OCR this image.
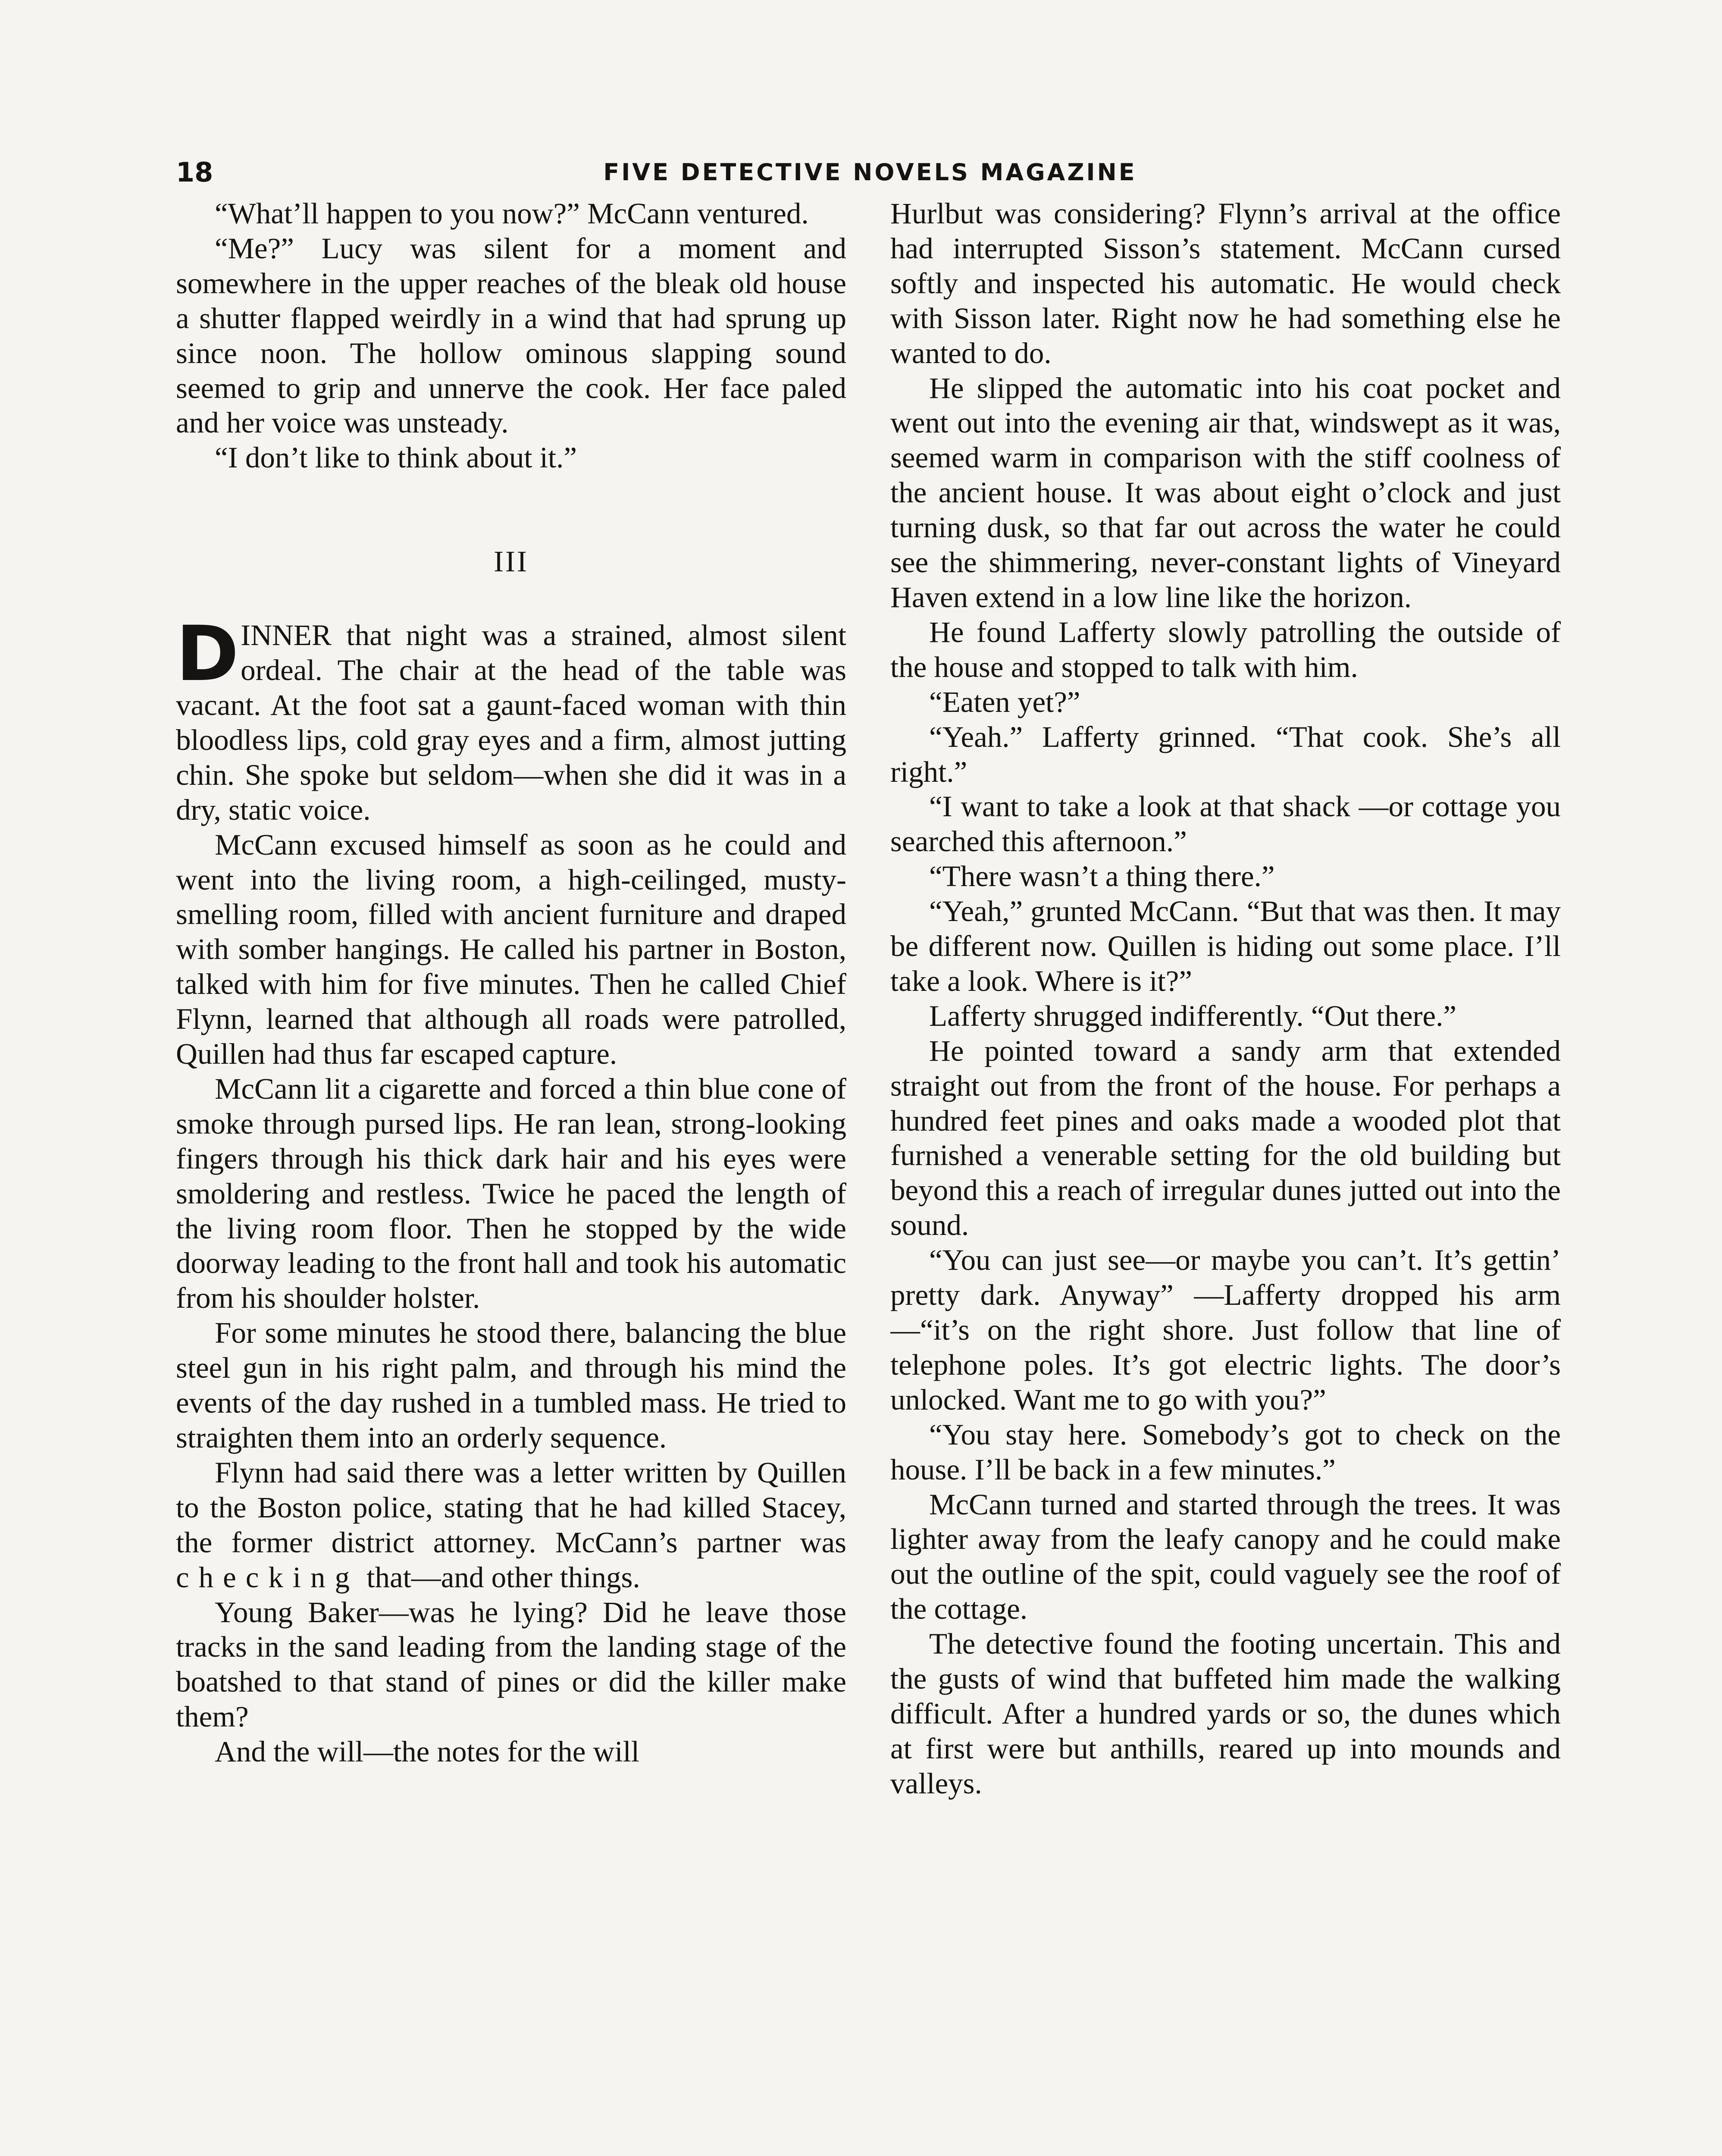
18	FIVE DETECTIVE NOVELS MAGAZINE

“What’ll happen to you now?” McCann ventured.

“Me?” Lucy was silent for a moment and somewhere in the upper reaches of the bleak old house a shutter flapped weirdly in a wind that had sprung up since noon. The hollow ominous slapping sound seemed to grip and unnerve the cook. Her face paled and her voice was unsteady.

“I don’t like to think about it.”

III

DINNER that night was a strained, almost silent ordeal. The chair at the head of the table was vacant. At the foot sat a gaunt-faced woman with thin bloodless lips, cold gray eyes and a firm, almost jutting chin. She spoke but seldom—when she did it was in a dry, static voice.

McCann excused himself as soon as he could and went into the living room, a high-ceilinged, musty-smelling room, filled with ancient furniture and draped with somber hangings. He called his partner in Boston, talked with him for five minutes. Then he called Chief Flynn, learned that although all roads were patrolled, Quillen had thus far escaped capture.

McCann lit a cigarette and forced a thin blue cone of smoke through pursed lips. He ran lean, strong-looking fingers through his thick dark hair and his eyes were smoldering and restless. Twice he paced the length of the living room floor. Then he stopped by the wide doorway leading to the front hall and took his automatic from his shoulder holster.

For some minutes he stood there, balancing the blue steel gun in his right palm, and through his mind the events of the day rushed in a tumbled mass. He tried to straighten them into an orderly sequence.

Flynn had said there was a letter written by Quillen to the Boston police, stating that he had killed Stacey, the former district attorney. McCann’s partner was checking that—and other things.

Young Baker—was he lying? Did he leave those tracks in the sand leading from the landing stage of the boatshed to that stand of pines or did the killer make them?

And the will—the notes for the will

Hurlbut was considering? Flynn’s arrival at the office had interrupted Sisson’s statement. McCann cursed softly and inspected his automatic. He would check with Sisson later. Right now he had something else he wanted to do.

He slipped the automatic into his coat pocket and went out into the evening air that, windswept as it was, seemed warm in comparison with the stiff coolness of the ancient house. It was about eight o’clock and just turning dusk, so that far out across the water he could see the shimmering, never-constant lights of Vineyard Haven extend in a low line like the horizon.

He found Lafferty slowly patrolling the outside of the house and stopped to talk with him.

“Eaten yet?”

“Yeah.” Lafferty grinned. “That cook. She’s all right.”

“I want to take a look at that shack —or cottage you searched this afternoon.”

“There wasn’t a thing there.”

“Yeah,” grunted McCann. “But that was then. It may be different now. Quillen is hiding out some place. I’ll take a look. Where is it?”

Lafferty shrugged indifferently. “Out there.”

He pointed toward a sandy arm that extended straight out from the front of the house. For perhaps a hundred feet pines and oaks made a wooded plot that furnished a venerable setting for the old building but beyond this a reach of irregular dunes jutted out into the sound.

“You can just see—or maybe you can’t. It’s gettin’ pretty dark. Anyway” —Lafferty dropped his arm—“it’s on the right shore. Just follow that line of telephone poles. It’s got electric lights. The door’s unlocked. Want me to go with you?”

“You stay here. Somebody’s got to check on the house. I’ll be back in a few minutes.”

McCann turned and started through the trees. It was lighter away from the leafy canopy and he could make out the outline of the spit, could vaguely see the roof of the cottage.

The detective found the footing uncertain. This and the gusts of wind that buffeted him made the walking difficult. After a hundred yards or so, the dunes which at first were but anthills, reared up into mounds and valleys.
